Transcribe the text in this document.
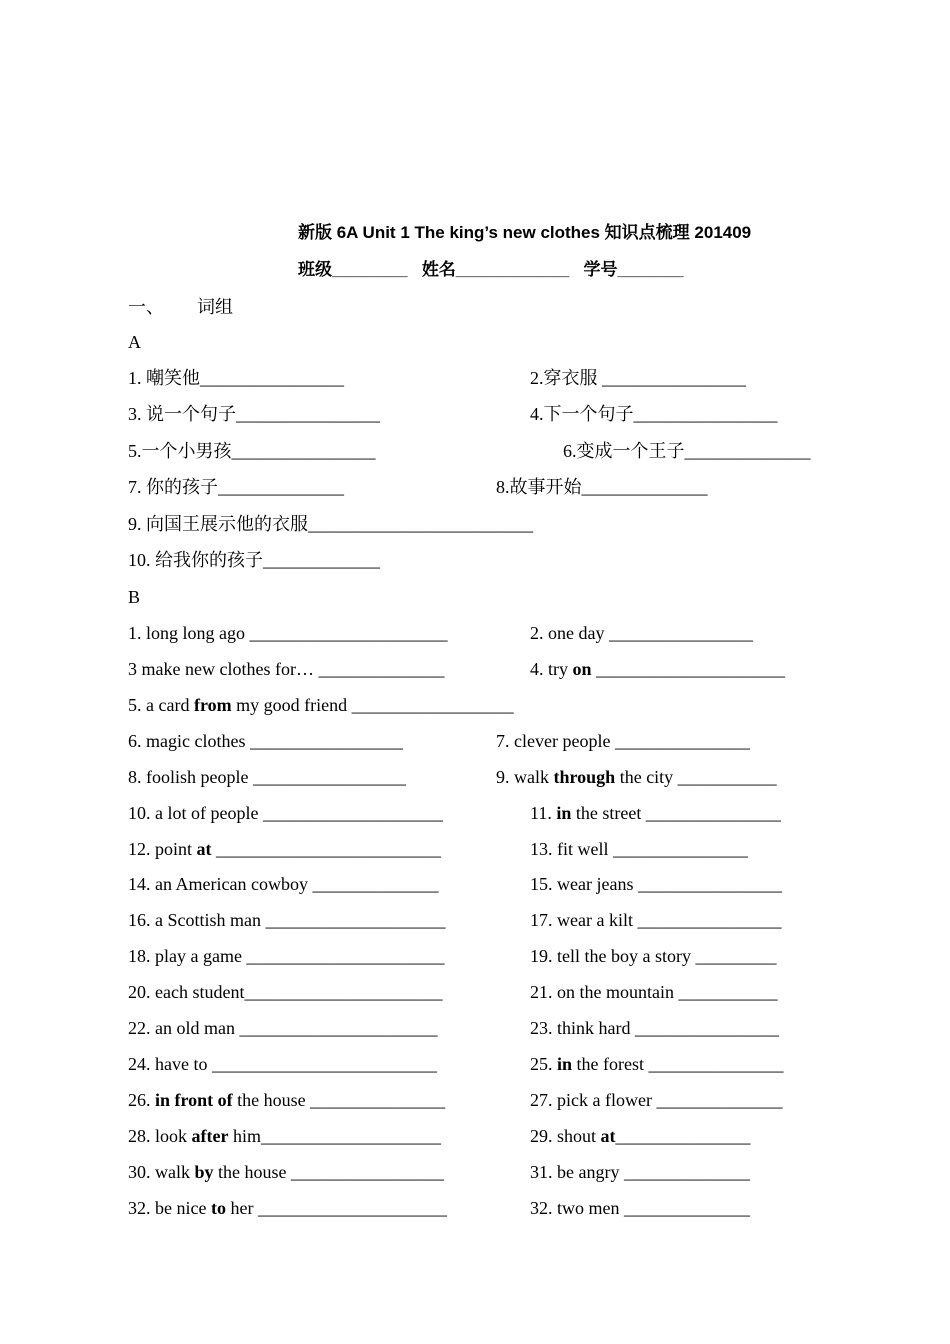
新版 6A Unit 1 The king’s new clothes 知识点梳理 201409
班级________ 姓名____________ 学号_______
一、 词组
A
1. 嘲笑他________________	2.穿衣服 ________________
3. 说一个句子________________	4.下一个句子________________
5.一个小男孩________________	6.变成一个王子______________
7. 你的孩子______________	8.故事开始______________
9. 向国王展示他的衣服_________________________
10. 给我你的孩子_____________
B
1. long long ago ______________________	2. one day ________________
3 make new clothes for… ______________	4. try on _____________________
5. a card from my good friend __________________
6. magic clothes _________________	7. clever people _______________
8. foolish people _________________	9. walk through the city ___________
10. a lot of people ____________________	11. in the street _______________
12. point at _________________________	13. fit well _______________
14. an American cowboy ______________	15. wear jeans ________________
16. a Scottish man ____________________	17. wear a kilt ________________
18. play a game ______________________	19. tell the boy a story _________
20. each student______________________	21. on the mountain ___________
22. an old man ______________________	23. think hard ________________
24. have to _________________________	25. in the forest _______________
26. in front of the house _______________	27. pick a flower ______________
28. look after him____________________	29. shout at_______________
30. walk by the house _________________	31. be angry ______________
32. be nice to her _____________________	32. two men ______________
